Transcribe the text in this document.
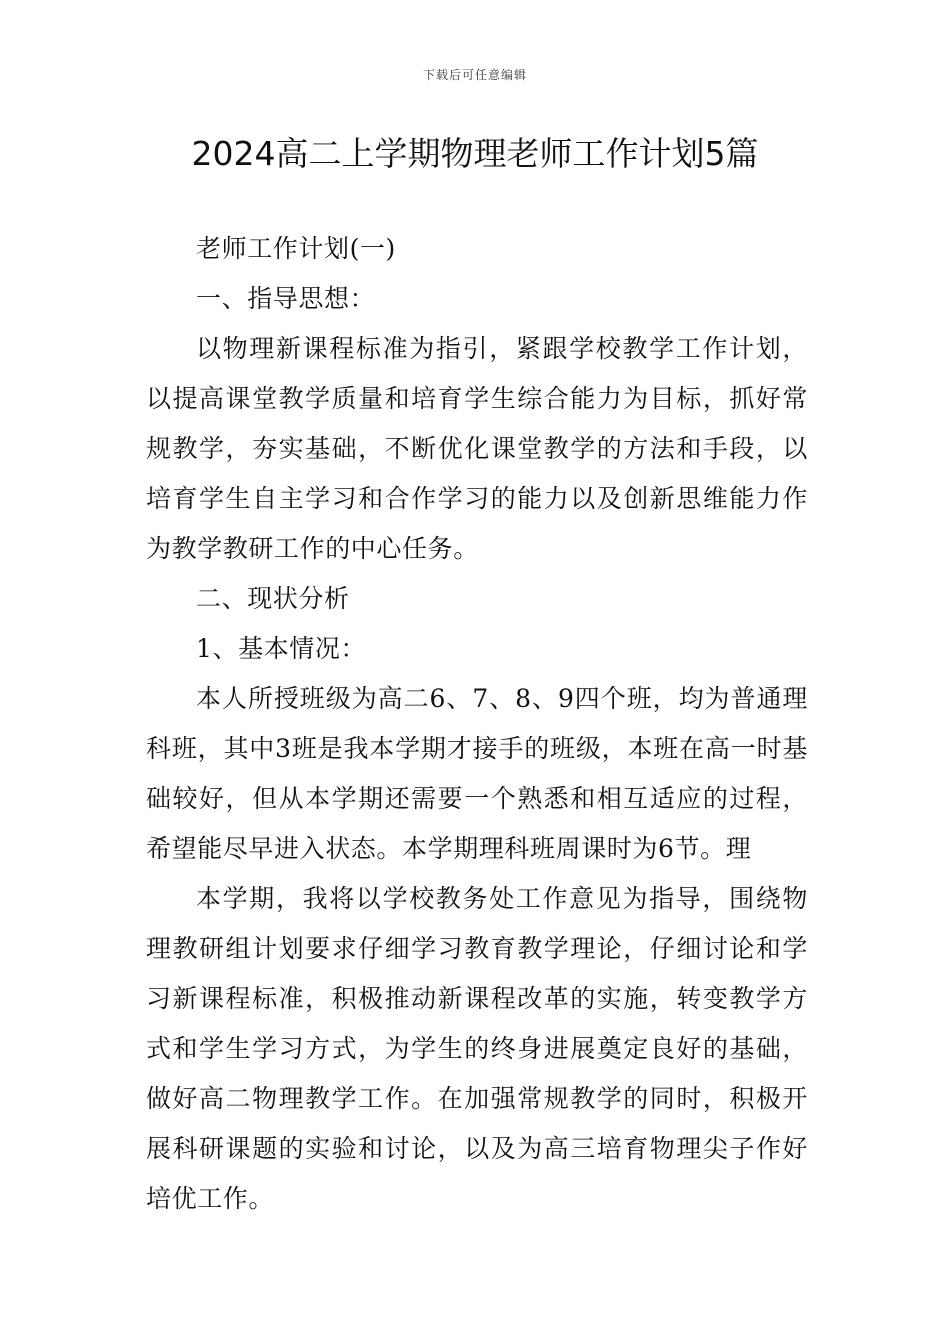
下载后可任意编辑
2024高二上学期物理老师工作计划5篇

老师工作计划(一)

一、指导思想：

以物理新课程标准为指引，紧跟学校教学工作计划，以提高课堂教学质量和培育学生综合能力为目标，抓好常规教学，夯实基础，不断优化课堂教学的方法和手段，以培育学生自主学习和合作学习的能力以及创新思维能力作为教学教研工作的中心任务。

二、现状分析

1、基本情况：

本人所授班级为高二6、7、8、9四个班，均为普通理科班，其中3班是我本学期才接手的班级，本班在高一时基础较好，但从本学期还需要一个熟悉和相互适应的过程，希望能尽早进入状态。本学期理科班周课时为6节。理

本学期，我将以学校教务处工作意见为指导，围绕物理教研组计划要求仔细学习教育教学理论，仔细讨论和学习新课程标准，积极推动新课程改革的实施，转变教学方式和学生学习方式，为学生的终身进展奠定良好的基础，做好高二物理教学工作。在加强常规教学的同时，积极开展科研课题的实验和讨论，以及为高三培育物理尖子作好培优工作。
